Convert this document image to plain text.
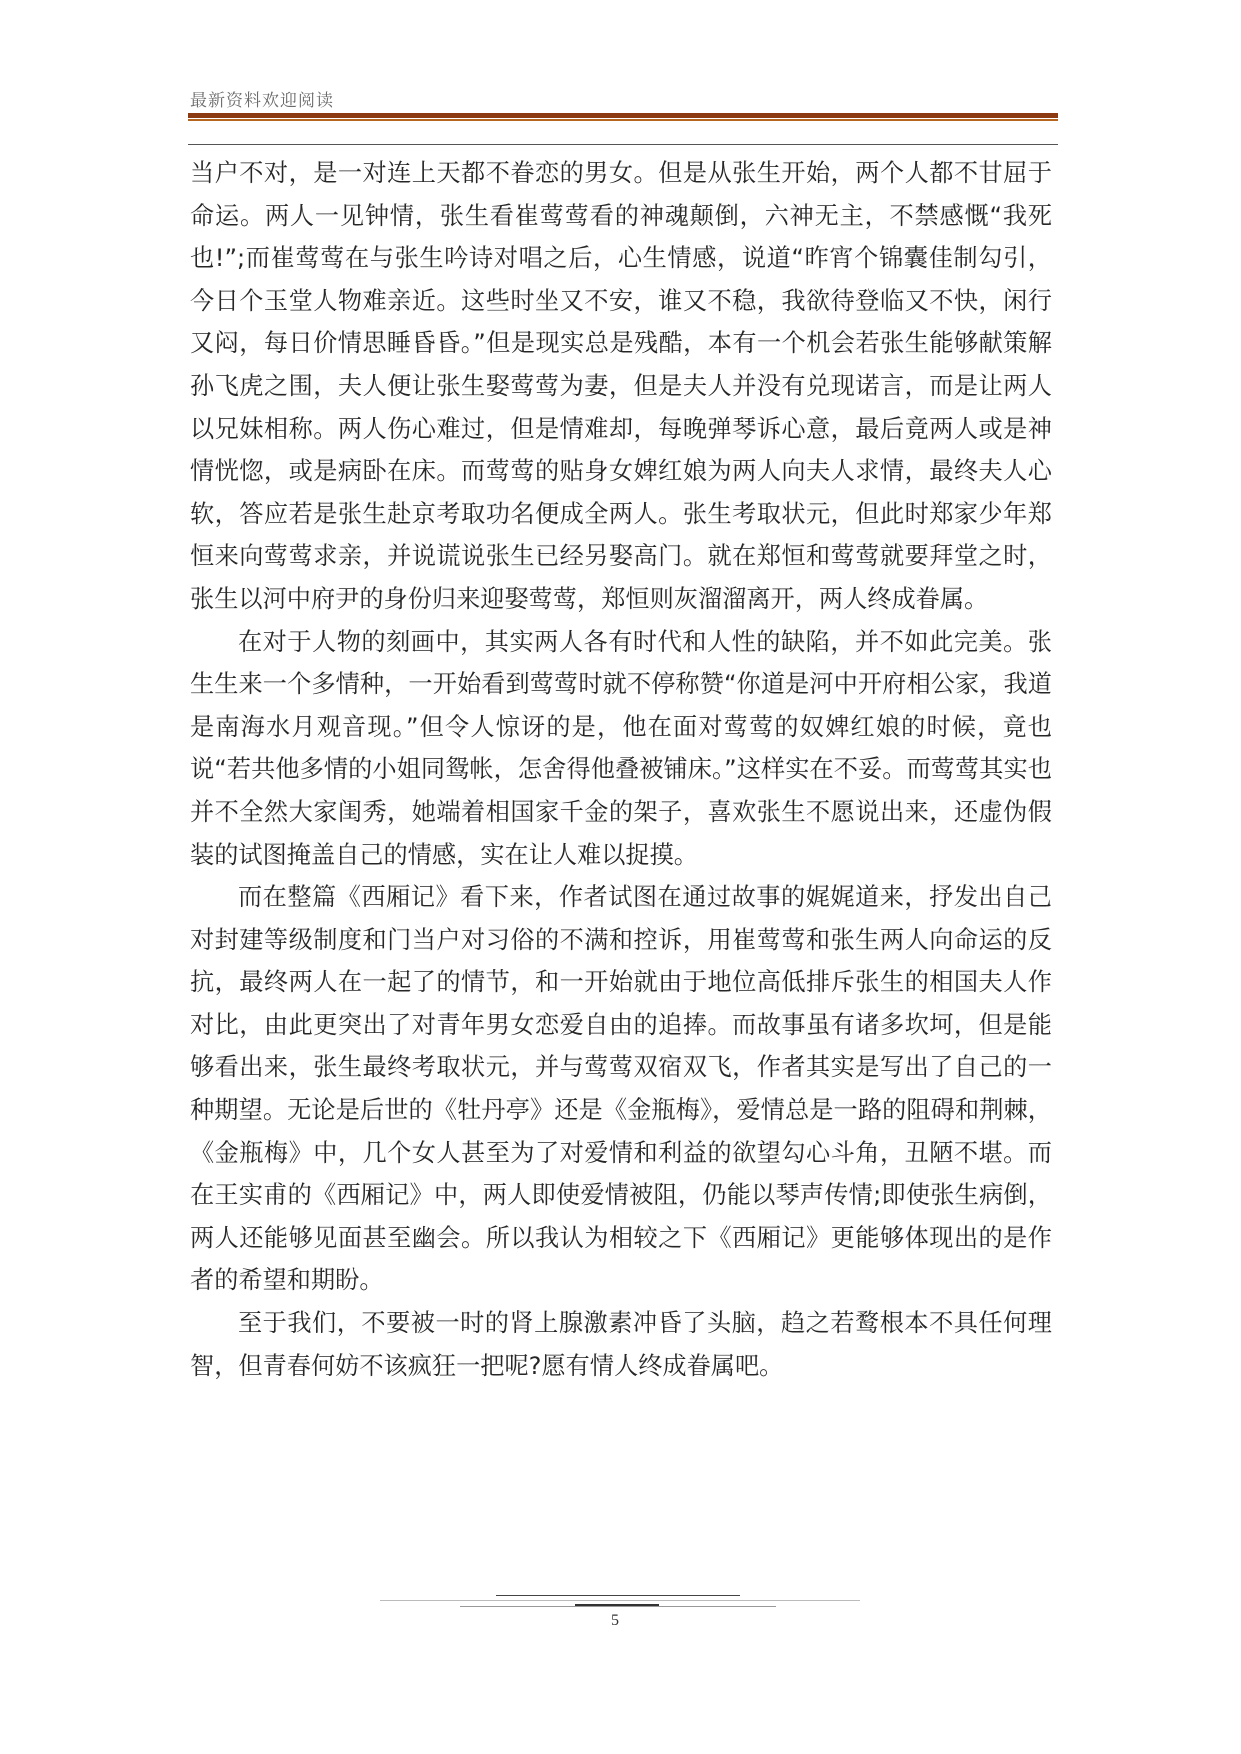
最新资料欢迎阅读

当户不对，是一对连上天都不眷恋的男女。但是从张生开始，两个人都不甘屈于命运。两人一见钟情，张生看崔莺莺看的神魂颠倒，六神无主，不禁感慨“我死也!”;而崔莺莺在与张生吟诗对唱之后，心生情感，说道“昨宵个锦囊佳制勾引，今日个玉堂人物难亲近。这些时坐又不安，谁又不稳，我欲待登临又不快，闲行又闷，每日价情思睡昏昏。”但是现实总是残酷，本有一个机会若张生能够献策解孙飞虎之围，夫人便让张生娶莺莺为妻，但是夫人并没有兑现诺言，而是让两人以兄妹相称。两人伤心难过，但是情难却，每晚弹琴诉心意，最后竟两人或是神情恍惚，或是病卧在床。而莺莺的贴身女婢红娘为两人向夫人求情，最终夫人心软，答应若是张生赴京考取功名便成全两人。张生考取状元，但此时郑家少年郑恒来向莺莺求亲，并说谎说张生已经另娶高门。就在郑恒和莺莺就要拜堂之时，张生以河中府尹的身份归来迎娶莺莺，郑恒则灰溜溜离开，两人终成眷属。

在对于人物的刻画中，其实两人各有时代和人性的缺陷，并不如此完美。张生生来一个多情种，一开始看到莺莺时就不停称赞“你道是河中开府相公家，我道是南海水月观音现。”但令人惊讶的是，他在面对莺莺的奴婢红娘的时候，竟也说“若共他多情的小姐同鸳帐，怎舍得他叠被铺床。”这样实在不妥。而莺莺其实也并不全然大家闺秀，她端着相国家千金的架子，喜欢张生不愿说出来，还虚伪假装的试图掩盖自己的情感，实在让人难以捉摸。

而在整篇《西厢记》看下来，作者试图在通过故事的娓娓道来，抒发出自己对封建等级制度和门当户对习俗的不满和控诉，用崔莺莺和张生两人向命运的反抗，最终两人在一起了的情节，和一开始就由于地位高低排斥张生的相国夫人作对比，由此更突出了对青年男女恋爱自由的追捧。而故事虽有诸多坎坷，但是能够看出来，张生最终考取状元，并与莺莺双宿双飞，作者其实是写出了自己的一种期望。无论是后世的《牡丹亭》还是《金瓶梅》，爱情总是一路的阻碍和荆棘，《金瓶梅》中，几个女人甚至为了对爱情和利益的欲望勾心斗角，丑陋不堪。而在王实甫的《西厢记》中，两人即使爱情被阻，仍能以琴声传情;即使张生病倒，两人还能够见面甚至幽会。所以我认为相较之下《西厢记》更能够体现出的是作者的希望和期盼。

至于我们，不要被一时的肾上腺激素冲昏了头脑，趋之若鹜根本不具任何理智，但青春何妨不该疯狂一把呢?愿有情人终成眷属吧。

5
